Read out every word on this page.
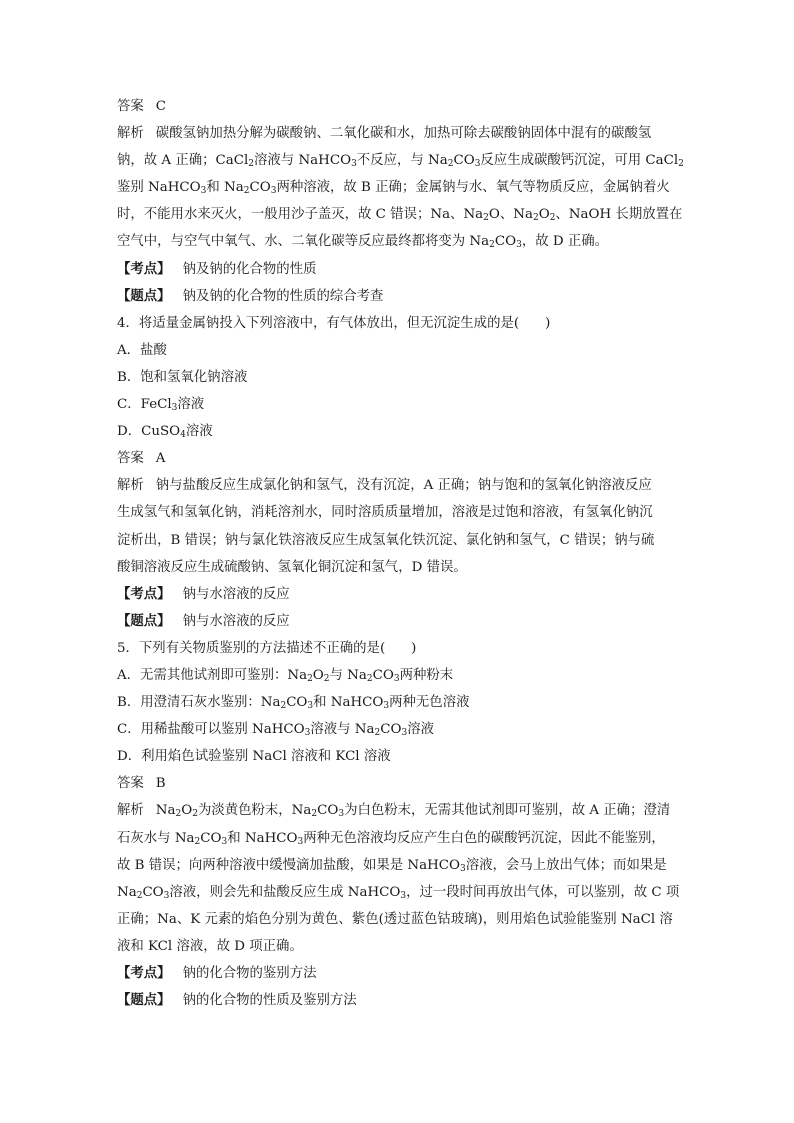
答案 C
解析 碳酸氢钠加热分解为碳酸钠、二氧化碳和水，加热可除去碳酸钠固体中混有的碳酸氢
钠，故 A 正确；CaCl$_2$溶液与 NaHCO$_3$不反应，与 $Na_2CO_3$反应生成碳酸钙沉淀，可用 CaCl$_2$
鉴别 NaHCO$_3$和 $Na_2CO_3$两种溶液，故 B 正确；金属钠与水、氧气等物质反应，金属钠着火
时，不能用水来灭火，一般用沙子盖灭，故 C 错误；Na、$Na_2O$、$Na_2O_2$、NaOH 长期放置在
空气中，与空气中氧气、水、二氧化碳等反应最终都将变为 $Na_2CO_3$，故 D 正确。
【考点】 钠及钠的化合物的性质
【题点】 钠及钠的化合物的性质的综合考查
4．将适量金属钠投入下列溶液中，有气体放出，但无沉淀生成的是( )
A．盐酸
B．饱和氢氧化钠溶液
C．FeCl$_3$溶液
D．CuSO$_4$溶液
答案 A
解析 钠与盐酸反应生成氯化钠和氢气，没有沉淀，A 正确；钠与饱和的氢氧化钠溶液反应
生成氢气和氢氧化钠，消耗溶剂水，同时溶质质量增加，溶液是过饱和溶液，有氢氧化钠沉
淀析出，B 错误；钠与氯化铁溶液反应生成氢氧化铁沉淀、氯化钠和氢气，C 错误；钠与硫
酸铜溶液反应生成硫酸钠、氢氧化铜沉淀和氢气，D 错误。
【考点】 钠与水溶液的反应
【题点】 钠与水溶液的反应
5．下列有关物质鉴别的方法描述不正确的是( )
A．无需其他试剂即可鉴别：$Na_2O_2$与 $Na_2CO_3$两种粉末
B．用澄清石灰水鉴别：$Na_2CO_3$和 NaHCO$_3$两种无色溶液
C．用稀盐酸可以鉴别 NaHCO$_3$溶液与 $Na_2CO_3$溶液
D．利用焰色试验鉴别 NaCl 溶液和 KCl 溶液
答案 B
解析 $Na_2O_2$为淡黄色粉末，$Na_2CO_3$为白色粉末，无需其他试剂即可鉴别，故 A 正确；澄清
石灰水与 $Na_2CO_3$和 NaHCO$_3$两种无色溶液均反应产生白色的碳酸钙沉淀，因此不能鉴别，
故 B 错误；向两种溶液中缓慢滴加盐酸，如果是 NaHCO$_3$溶液，会马上放出气体；而如果是
$Na_2CO_3$溶液，则会先和盐酸反应生成 NaHCO$_3$，过一段时间再放出气体，可以鉴别，故 C 项
正确；Na、K 元素的焰色分别为黄色、紫色(透过蓝色钴玻璃)，则用焰色试验能鉴别 NaCl 溶
液和 KCl 溶液，故 D 项正确。
【考点】 钠的化合物的鉴别方法
【题点】 钠的化合物的性质及鉴别方法
